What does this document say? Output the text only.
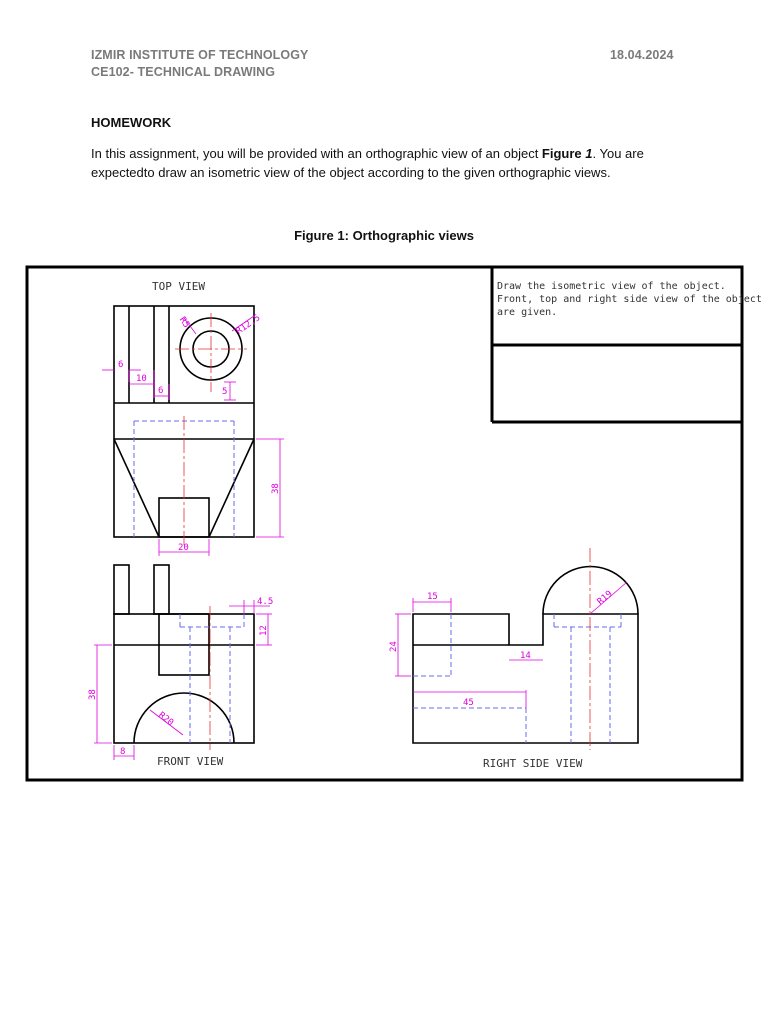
IZMIR INSTITUTE OF TECHNOLOGY
CE102- TECHNICAL DRAWING
18.04.2024
HOMEWORK
In this assignment, you will be provided with an orthographic view of an object Figure 1. You are expectedto draw an isometric view of the object according to the given orthographic views.
Figure 1: Orthographic views
Draw the isometric view of the object.
Front, top and right side view of the object
are given.
TOP VIEW
6
10
6
R5	R12,5
5
38
20
4.5
12
38
R20
8
FRONT VIEW
15
24
14
45
R19
RIGHT SIDE VIEW
